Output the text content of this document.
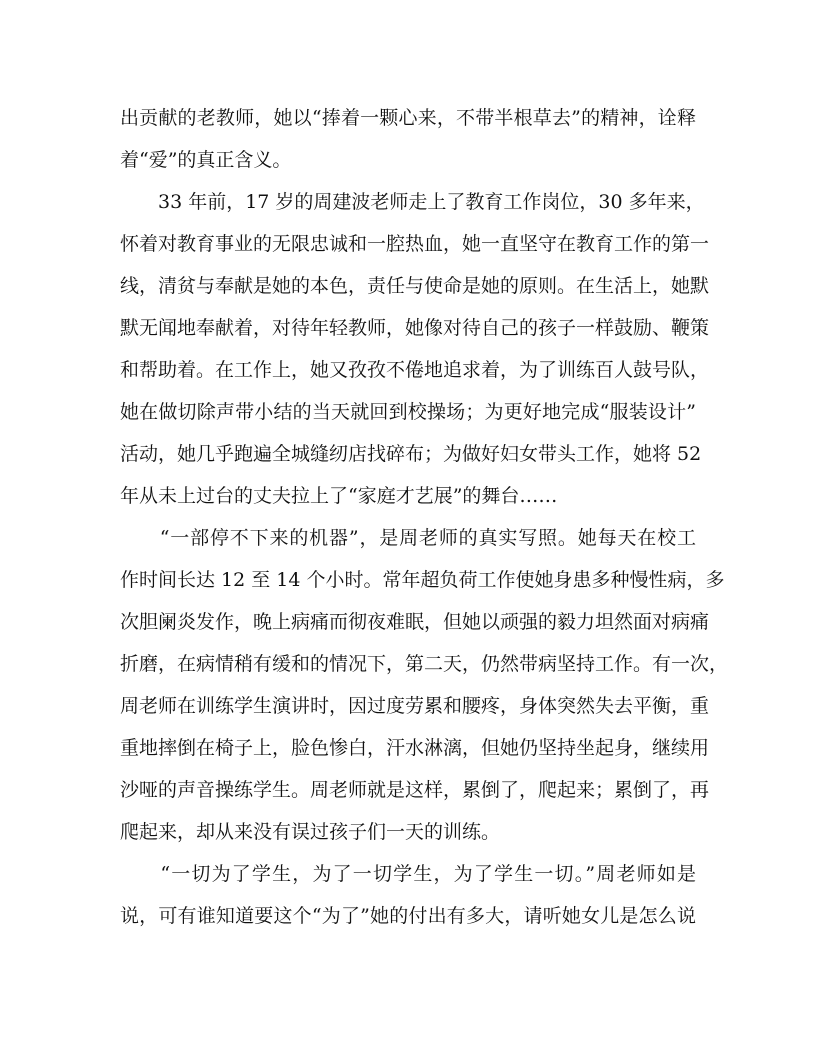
出贡献的老教师，她以“捧着一颗心来，不带半根草去”的精神，诠释
着“爱”的真正含义。
　　33 年前，17 岁的周建波老师走上了教育工作岗位，30 多年来，
怀着对教育事业的无限忠诚和一腔热血，她一直坚守在教育工作的第一
线，清贫与奉献是她的本色，责任与使命是她的原则。在生活上，她默
默无闻地奉献着，对待年轻教师，她像对待自己的孩子一样鼓励、鞭策
和帮助着。在工作上，她又孜孜不倦地追求着，为了训练百人鼓号队，
她在做切除声带小结的当天就回到校操场；为更好地完成“服装设计”
活动，她几乎跑遍全城缝纫店找碎布；为做好妇女带头工作，她将 52
年从未上过台的丈夫拉上了“家庭才艺展”的舞台……
　　“一部停不下来的机器”，是周老师的真实写照。她每天在校工
作时间长达 12 至 14 个小时。常年超负荷工作使她身患多种慢性病，多
次胆阑炎发作，晚上病痛而彻夜难眠，但她以顽强的毅力坦然面对病痛
折磨，在病情稍有缓和的情况下，第二天，仍然带病坚持工作。有一次，
周老师在训练学生演讲时，因过度劳累和腰疼，身体突然失去平衡，重
重地摔倒在椅子上，脸色惨白，汗水淋漓，但她仍坚持坐起身，继续用
沙哑的声音操练学生。周老师就是这样，累倒了，爬起来；累倒了，再
爬起来，却从来没有误过孩子们一天的训练。
　　“一切为了学生，为了一切学生，为了学生一切。”周老师如是
说，可有谁知道要这个“为了”她的付出有多大，请听她女儿是怎么说
